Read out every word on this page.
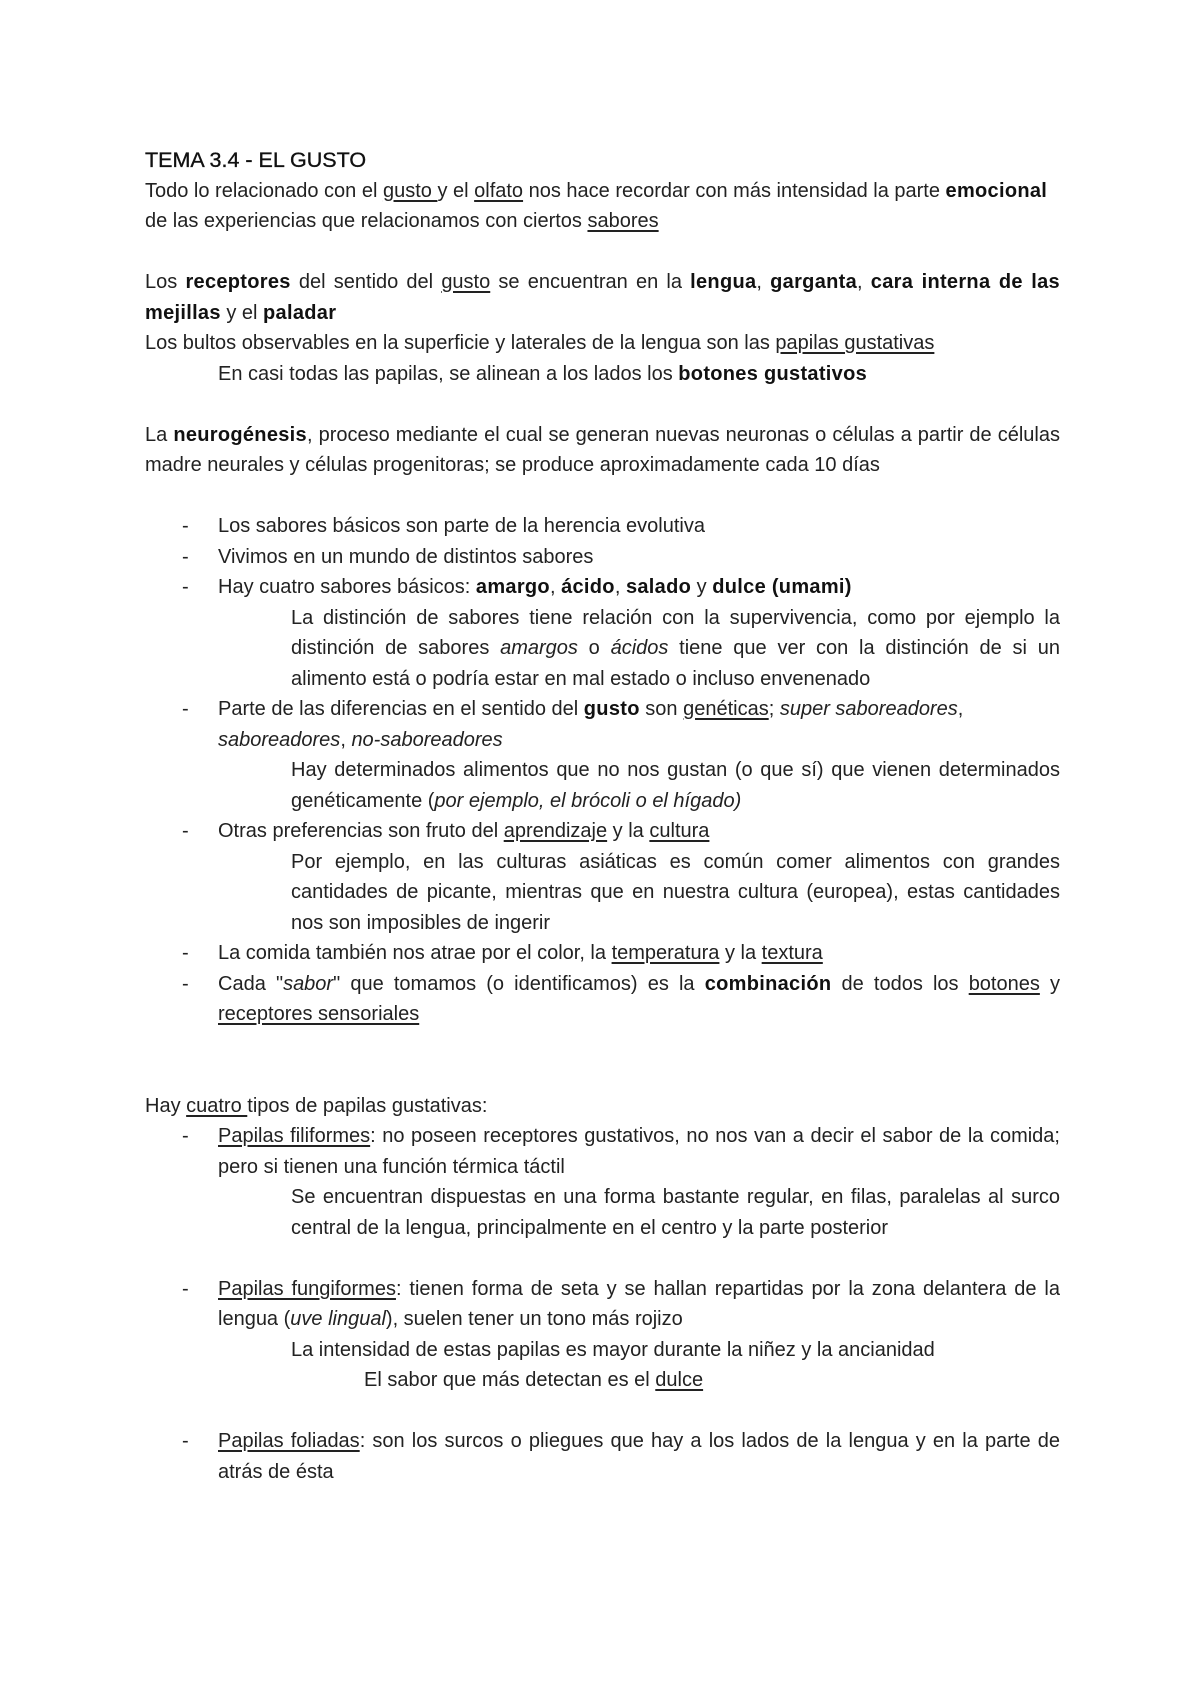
TEMA 3.4 - EL GUSTO

Todo lo relacionado con el gusto y el olfato nos hace recordar con más intensidad la parte emocional de las experiencias que relacionamos con ciertos sabores

Los receptores del sentido del gusto se encuentran en la lengua, garganta, cara interna de las mejillas y el paladar

Los bultos observables en la superficie y laterales de la lengua son las papilas gustativas

En casi todas las papilas, se alinean a los lados los botones gustativos

La neurogénesis, proceso mediante el cual se generan nuevas neuronas o células a partir de células madre neurales y células progenitoras; se produce aproximadamente cada 10 días

- Los sabores básicos son parte de la herencia evolutiva
- Vivimos en un mundo de distintos sabores
- Hay cuatro sabores básicos: amargo, ácido, salado y dulce (umami)

La distinción de sabores tiene relación con la supervivencia, como por ejemplo la distinción de sabores amargos o ácidos tiene que ver con la distinción de si un alimento está o podría estar en mal estado o incluso envenenado

- Parte de las diferencias en el sentido del gusto son genéticas; super saboreadores, saboreadores, no-saboreadores

Hay determinados alimentos que no nos gustan (o que sí) que vienen determinados genéticamente (por ejemplo, el brócoli o el hígado)

- Otras preferencias son fruto del aprendizaje y la cultura

Por ejemplo, en las culturas asiáticas es común comer alimentos con grandes cantidades de picante, mientras que en nuestra cultura (europea), estas cantidades nos son imposibles de ingerir

- La comida también nos atrae por el color, la temperatura y la textura
- Cada "sabor" que tomamos (o identificamos) es la combinación de todos los botones y receptores sensoriales

Hay cuatro tipos de papilas gustativas:

- Papilas filiformes: no poseen receptores gustativos, no nos van a decir el sabor de la comida; pero si tienen una función térmica táctil

Se encuentran dispuestas en una forma bastante regular, en filas, paralelas al surco central de la lengua, principalmente en el centro y la parte posterior

- Papilas fungiformes: tienen forma de seta y se hallan repartidas por la zona delantera de la lengua (uve lingual), suelen tener un tono más rojizo

La intensidad de estas papilas es mayor durante la niñez y la ancianidad

El sabor que más detectan es el dulce

- Papilas foliadas: son los surcos o pliegues que hay a los lados de la lengua y en la parte de atrás de ésta
